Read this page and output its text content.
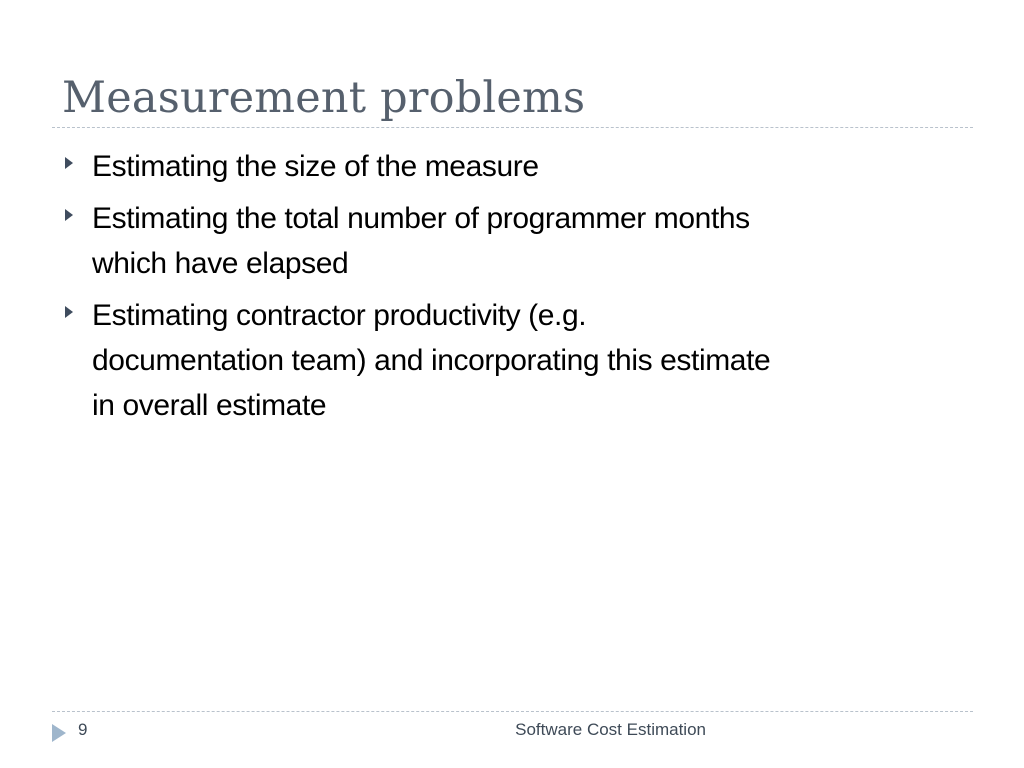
Measurement problems
Estimating the size of the measure
Estimating the total number of programmer months which have elapsed
Estimating contractor productivity (e.g. documentation team) and incorporating this estimate in overall estimate
9	Software Cost Estimation
